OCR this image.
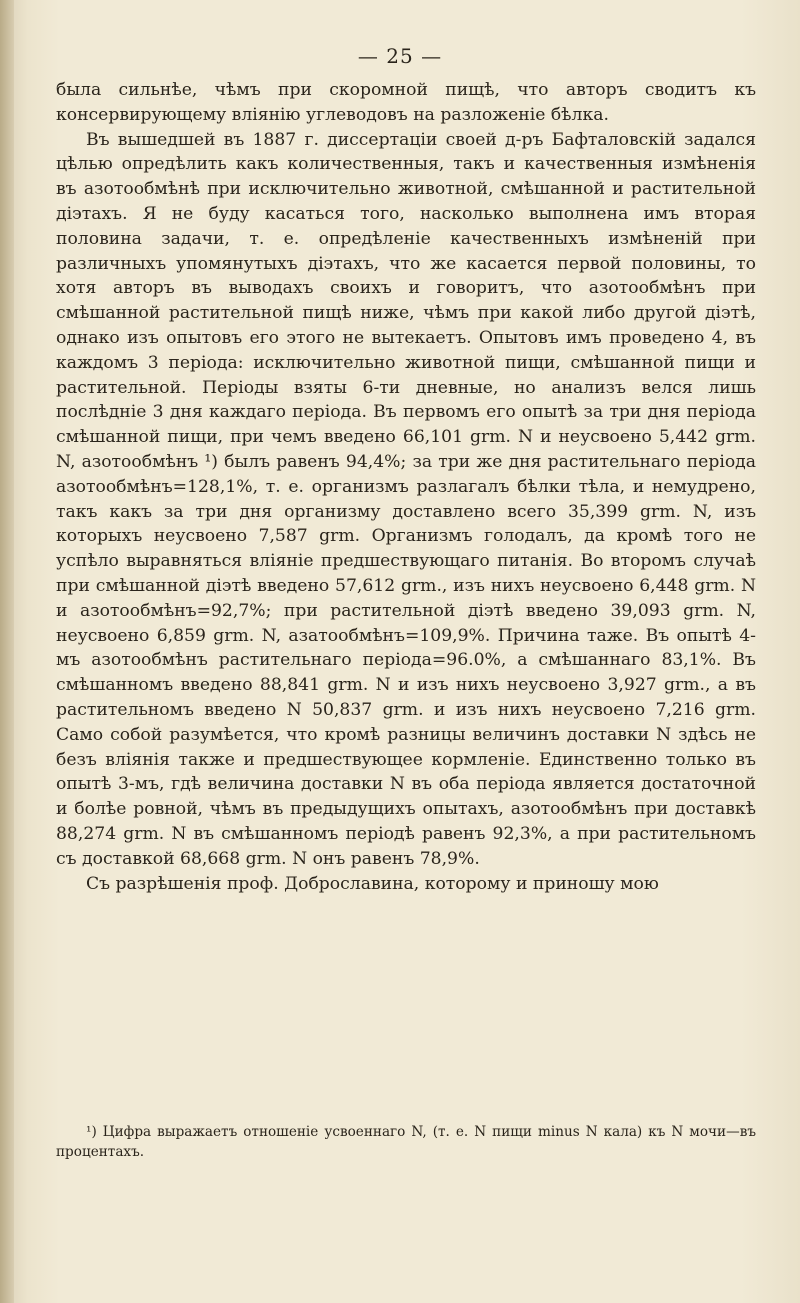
— 25 —

была сильнѣе, чѣмъ при скоромной пищѣ, что авторъ сводитъ къ консервирующему вліянію углеводовъ на разложеніе бѣлка.

Въ вышедшей въ 1887 г. диссертаціи своей д-ръ Бафталовскій задался цѣлью опредѣлить какъ количественныя, такъ и качественныя измѣненія въ азотообмѣнѣ при исключительно животной, смѣшанной и растительной діэтахъ. Я не буду касаться того, насколько выполнена имъ вторая половина задачи, т. е. опредѣленіе качественныхъ измѣненій при различныхъ упомянутыхъ діэтахъ, что же касается первой половины, то хотя авторъ въ выводахъ своихъ и говоритъ, что азотообмѣнъ при смѣшанной растительной пищѣ ниже, чѣмъ при какой либо другой діэтѣ, однако изъ опытовъ его этого не вытекаетъ. Опытовъ имъ проведено 4, въ каждомъ 3 періода: исключительно животной пищи, смѣшанной пищи и растительной. Періоды взяты 6-ти дневные, но анализъ велся лишь послѣдніе 3 дня каждаго періода. Въ первомъ его опытѣ за три дня періода смѣшанной пищи, при чемъ введено 66,101 grm. N и неусвоено 5,442 grm. N, азотообмѣнъ ¹) былъ равенъ 94,4%; за три же дня растительнаго періода азотообмѣнъ=128,1%, т. е. организмъ разлагалъ бѣлки тѣла, и немудрено, такъ какъ за три дня организму доставлено всего 35,399 grm. N, изъ которыхъ неусвоено 7,587 grm. Организмъ голодалъ, да кромѣ того не успѣло выравняться вліяніе предшествующаго питанія. Во второмъ случаѣ при смѣшанной діэтѣ введено 57,612 grm., изъ нихъ неусвоено 6,448 grm. N и азотообмѣнъ=92,7%; при растительной діэтѣ введено 39,093 grm. N, неусвоено 6,859 grm. N, азатообмѣнъ=109,9%. Причина таже. Въ опытѣ 4-мъ азотообмѣнъ растительнаго періода=96.0%, а смѣшаннаго 83,1%. Въ смѣшанномъ введено 88,841 grm. N и изъ нихъ неусвоено 3,927 grm., а въ растительномъ введено N 50,837 grm. и изъ нихъ неусвоено 7,216 grm. Само собой разумѣется, что кромѣ разницы величинъ доставки N здѣсь не безъ вліянія также и предшествующее кормленіе. Единственно только въ опытѣ 3-мъ, гдѣ величина доставки N въ оба періода является достаточной и болѣе ровной, чѣмъ въ предыдущихъ опытахъ, азотообмѣнъ при доставкѣ 88,274 grm. N въ смѣшанномъ періодѣ равенъ 92,3%, а при растительномъ съ доставкой 68,668 grm. N онъ равенъ 78,9%.

Съ разрѣшенія проф. Доброславина, которому и приношу мою

¹) Цифра выражаетъ отношеніе усвоеннаго N, (т. е. N пищи minus N кала) къ N мочи—въ процентахъ.
